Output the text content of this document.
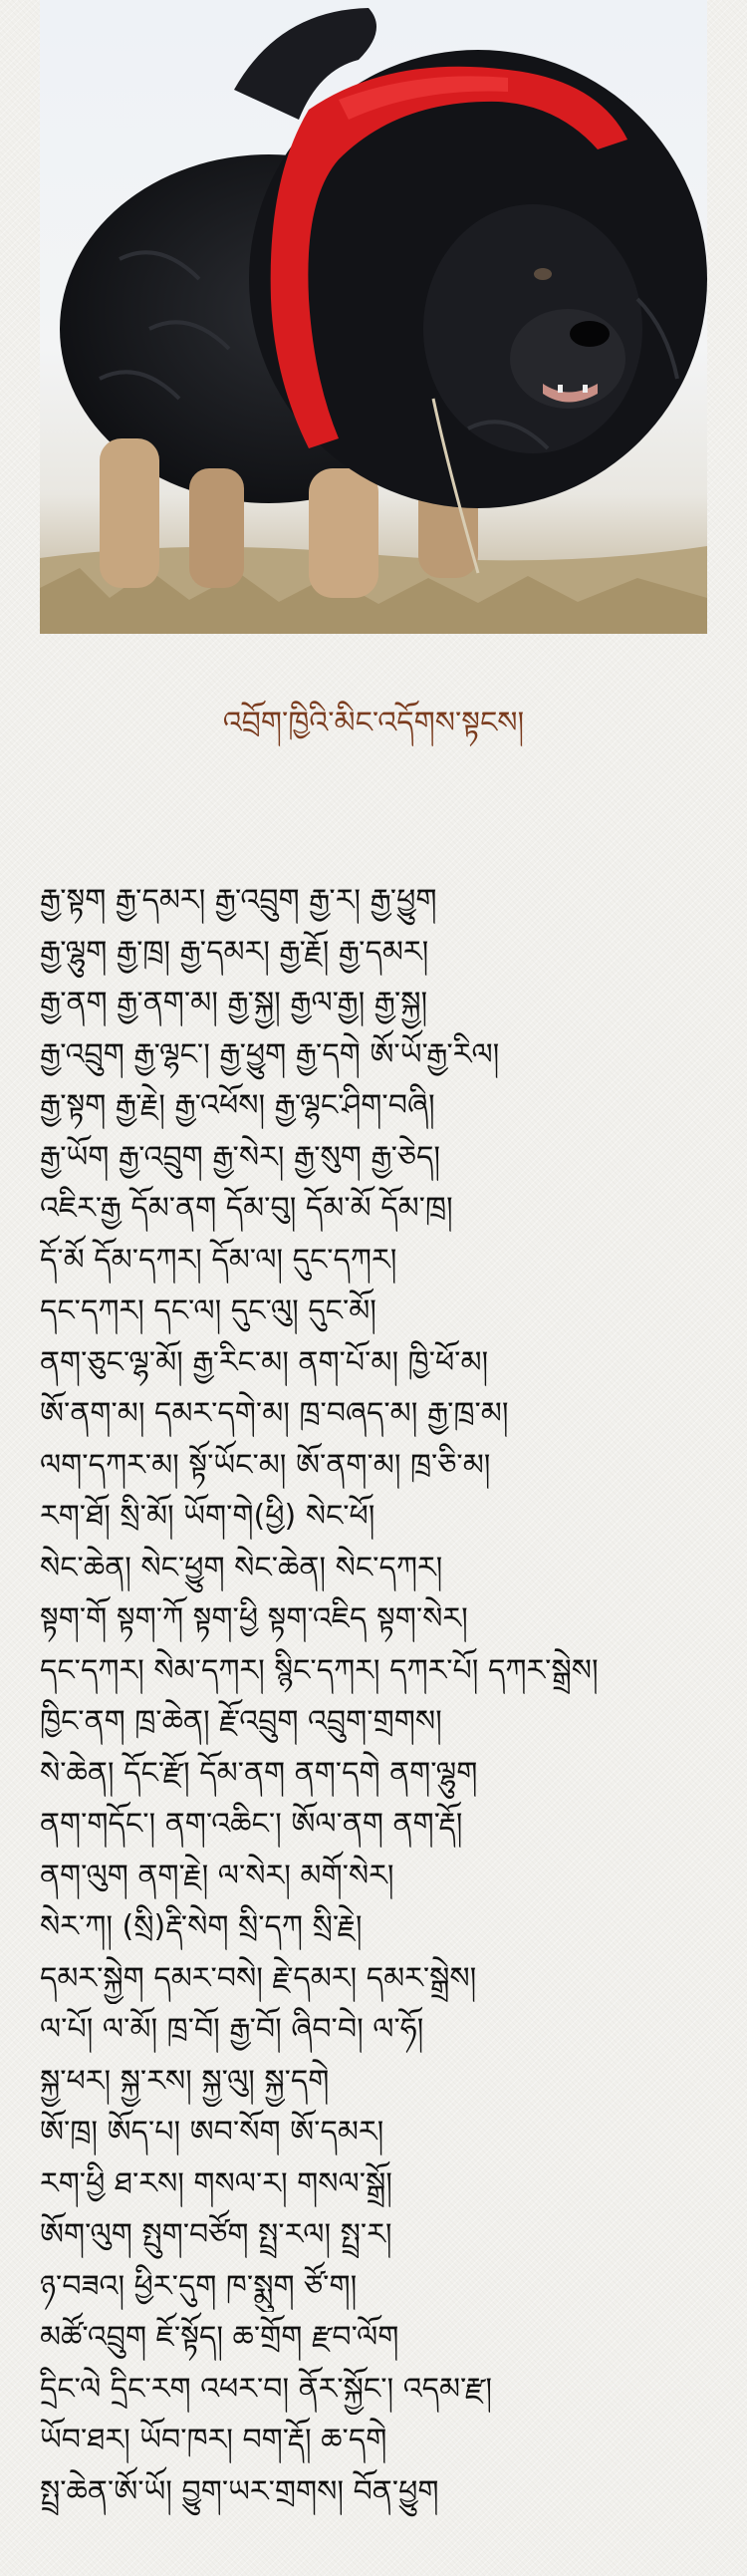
འབྲོག་ཁྱིའི་མིང་འདོགས་སྟངས།
རྒྱ་སྟག རྒྱ་དམར། རྒྱ་འབྲུག རྒྱ་ར། རྒྱ་ཕྱུག
རྒྱ་ལྷུག རྒྱ་ཁྲ། རྒྱ་དམར། རྒྱ་རྗོ། རྒྱ་དམར།
རྒྱ་ནག རྒྱ་ནག་མ། རྒྱ་སྐྱ། རྒྱལ་རྒྱ། རྒྱ་སྐྱ།
རྒྱ་འབྲུག རྒྱ་ལྷང་། རྒྱ་ཕྱུག རྒྱ་དགེ ཨོ་ཡོ་རྒྱ་རིལ།
རྒྱ་སྟག རྒྱ་རྗེ། རྒྱ་འཕོས། རྒྱ་ལྷང་ཤིག་བཞི།
རྒྱ་ཡོག རྒྱ་འབྲུག རྒྱ་སེར། རྒྱ་སུག རྒྱ་ཅེད།
འཇིར་རྒྱ དོམ་ནག དོམ་བུ། དོམ་མོ དོམ་ཁྲ།
དོ་མོ དོམ་དཀར། དོམ་ལ། དུང་དཀར།
དང་དཀར། དང་ལ། དུང་ལུ། དུང་མོ།
ནག་ཅུང་ལྷ་མོ། རྒྱ་རིང་མ། ནག་པོ་མ། ཁྱི་ཕོ་མ།
ཨོ་ནག་མ། དམར་དགེ་མ། ཁྲ་བཞད་མ། རྒྱ་ཁྲ་མ།
ལག་དཀར་མ། སྟོ་ཡོང་མ། ཨོ་ནག་མ། ཁྲ་ཅི་མ།
རག་ཐོ། སྲི་མོ། ཡོག་གེ(ཕྱི) སེང་ཕོ།
སེང་ཆེན། སེང་ཕྱུག སེང་ཆེན། སེང་དཀར།
སྟག་གོ སྟག་ཀོ སྟག་ཕྱི སྟག་འཇིད སྟག་སེར།
དང་དཀར། སེམ་དཀར། སྙིང་དཀར། དཀར་པོ། དཀར་སྒྲེས།
ཁྱིང་ནག ཁྲ་ཆེན། རྗོ་འབྲུག འབྲུག་གྲགས།
སེ་ཆེན། དོང་རྫོ། དོམ་ནག ནག་དགེ ནག་ལྷུག
ནག་གདོང་། ནག་འཆིང་། ཨོལ་ནག ནག་རྡོ།
ནག་ལུག ནག་རྗེ། ལ་སེར། མགོ་སེར།
སེར་ཀ། (སྲི)རྡི་སེག སྲི་དཀ སྲི་རྗེ།
དམར་སྐྱེག དམར་བསེ། རྗེ་དམར། དམར་སྒྲེས།
ལ་པོ། ལ་མོ། ཁྲ་བོ། རྒྱ་བོ། ཞིབ་བེ། ལ་ཧོ།
སྐྱ་ཕར། སྐྱ་རས། སྐྱ་ལུ། སྐྱ་དགེ
ཨོ་ཁྲ། ཨོད་པ། ཨབ་སོག ཨོ་དམར།
རག་ཕྱི ཐ་རས། གསལ་ར། གསལ་སྒྲོ།
ཨོག་ལུག སྤུག་བཙོག སྤྲ་རལ། སྤྲ་ར།
ཉ་བཟའ། ཕྱིར་དུག ཁ་སྨུག ཙོ་ག།
མཚོ་འབྲུག ཇོ་སྟོད། ཆ་གྲོག རྫབ་ལོག
དྲིང་ལེ དྲིང་རག འཕར་བ། ནོར་སྐྱོང་། འདམ་རྫ།
ཡོབ་ཐར། ཡོབ་ཁར། བག་རྡོ། ཆ་དགེ
སྤྲ་ཆེན་ཨོ་ཡོ། བྱུག་ཡར་གྲགས། བོན་ཕྱུག
